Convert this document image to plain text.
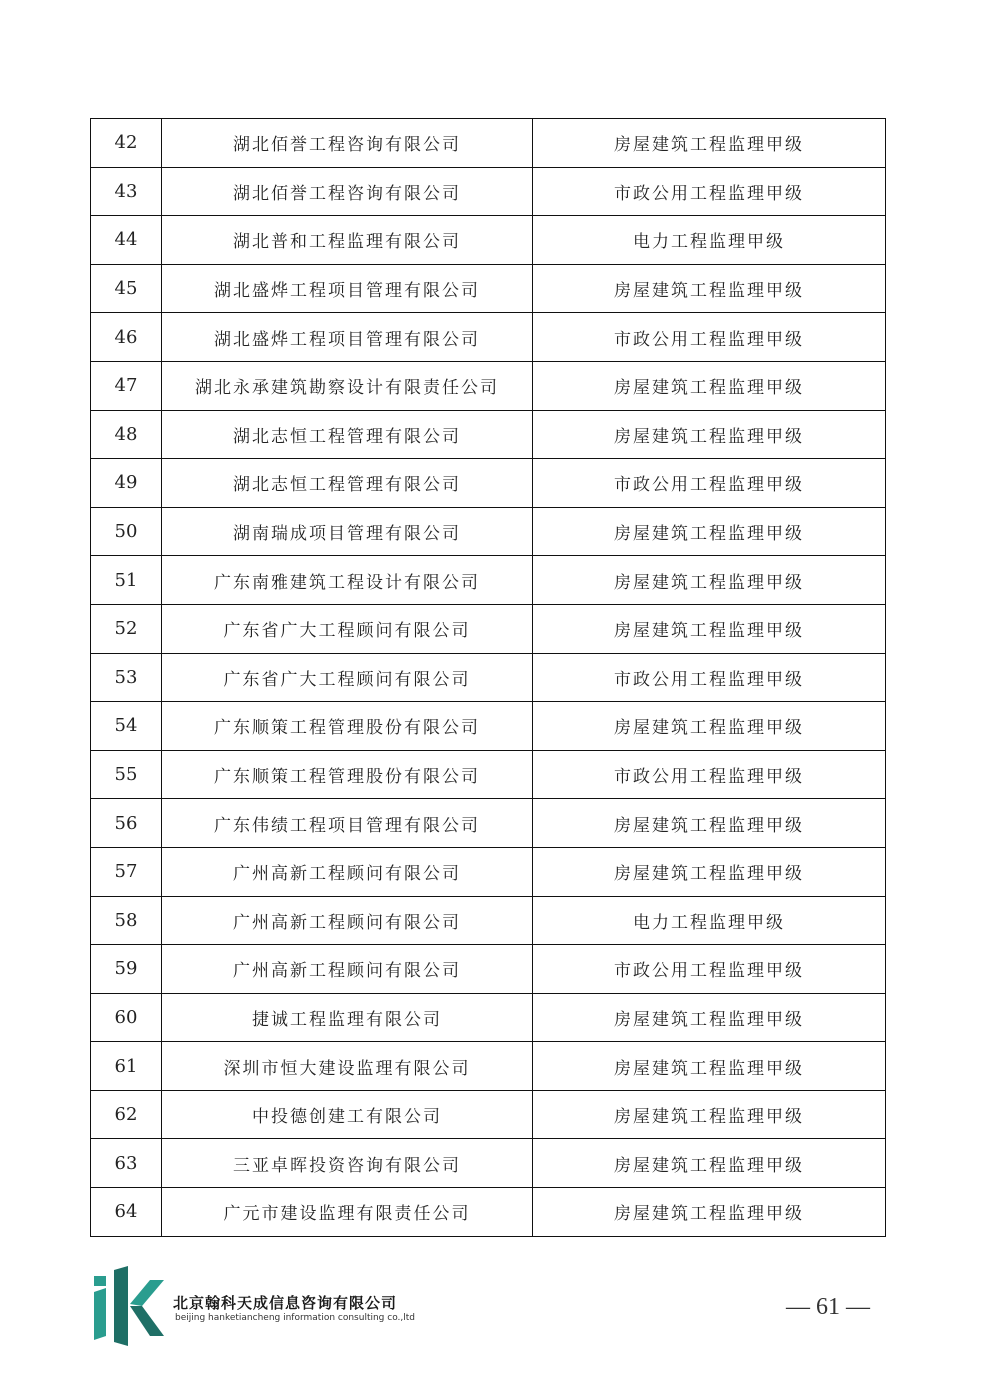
42	湖北佰誉工程咨询有限公司	房屋建筑工程监理甲级
43	湖北佰誉工程咨询有限公司	市政公用工程监理甲级
44	湖北普和工程监理有限公司	电力工程监理甲级
45	湖北盛烨工程项目管理有限公司	房屋建筑工程监理甲级
46	湖北盛烨工程项目管理有限公司	市政公用工程监理甲级
47	湖北永承建筑勘察设计有限责任公司	房屋建筑工程监理甲级
48	湖北志恒工程管理有限公司	房屋建筑工程监理甲级
49	湖北志恒工程管理有限公司	市政公用工程监理甲级
50	湖南瑞成项目管理有限公司	房屋建筑工程监理甲级
51	广东南雅建筑工程设计有限公司	房屋建筑工程监理甲级
52	广东省广大工程顾问有限公司	房屋建筑工程监理甲级
53	广东省广大工程顾问有限公司	市政公用工程监理甲级
54	广东顺策工程管理股份有限公司	房屋建筑工程监理甲级
55	广东顺策工程管理股份有限公司	市政公用工程监理甲级
56	广东伟绩工程项目管理有限公司	房屋建筑工程监理甲级
57	广州高新工程顾问有限公司	房屋建筑工程监理甲级
58	广州高新工程顾问有限公司	电力工程监理甲级
59	广州高新工程顾问有限公司	市政公用工程监理甲级
60	捷诚工程监理有限公司	房屋建筑工程监理甲级
61	深圳市恒大建设监理有限公司	房屋建筑工程监理甲级
62	中投德创建工有限公司	房屋建筑工程监理甲级
63	三亚卓晖投资咨询有限公司	房屋建筑工程监理甲级
64	广元市建设监理有限责任公司	房屋建筑工程监理甲级
北京翰科天成信息咨询有限公司
beijing hanketiancheng information consulting co.,ltd	— 61 —
